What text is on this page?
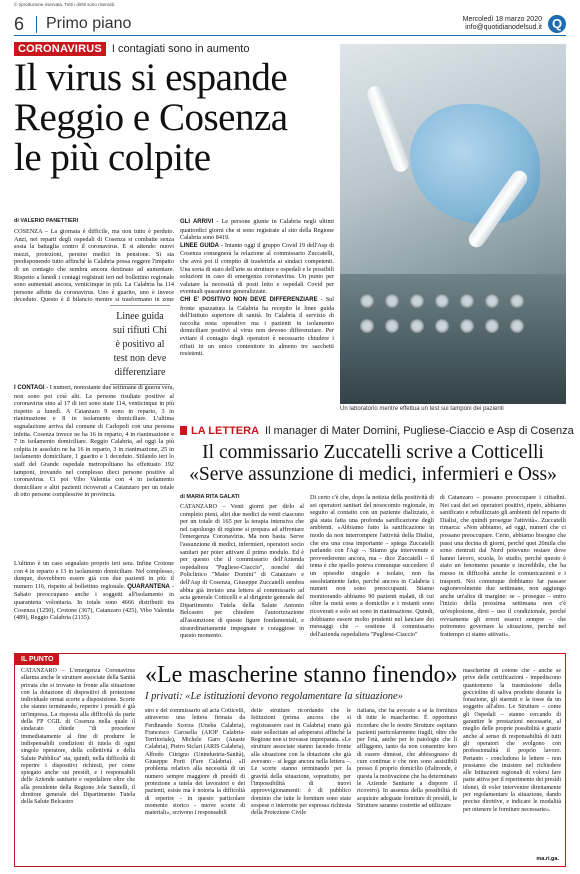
© riproduzione riservata. Tutti i diritti sono riservati.
6 Primo piano	Mercoledì 18 marzo 2020
info@quotidianodelsud.it Q
CORONAVIRUS I contagiati sono in aumento
Il virus si espande
Reggio e Cosenza
le più colpite
Un laboratorio mentre effettua un test sui tamponi dei pazienti
di VALERIO PANETTIERI
COSENZA – La giornata è difficile, ma non tutto è perduto. Anzi, nei reparti degli ospedali di Cosenza si combatte senza sosta la battaglia contro il coronavirus. E si attende: nuovi mezzi, protezioni, persino medici in pensione. Si sta predisponendo tutto affinché la Calabria possa reggere l'impatto di un contagio che sembra ancora destinato ad aumentare. Rispetto a lunedì i contagi registrati ieri nel bollettino regionale sono aumentati ancora, venticinque in più. La Calabria ha 114 persone affette da coronavirus. Uno è guarito, uno è invece deceduto. Questo è il bilancio mentre si trasformano in zone
Linee guida sui rifiuti Chi è positivo al test non deve differenziare
I CONTAGI - I numeri, nonostante due settimane di guerra vera, non sono poi così alti. Le persone risultate positive al coronavirus sino al 17 di ieri sono state 114, venticinque in più rispetto a lunedì. A Catanzaro 9 sono in reparto, 3 in rianimazione e 8 in isolamento domiciliare. L'ultima segnalazione arriva dal comune di Carlopoli con una persona infetta. Cosenza invece ne ha 16 in reparto, 4 in rianimazione e 7 in isolamento domiciliare. Reggio Calabria, ad oggi la più colpita in assoluto ne ha 16 in reparto, 3 in rianimazione, 25 in isolamento domiciliare, 1 guarito e 1 deceduto. Stilando ieri lo staff del Grande ospedale metropolitano ha effettuato 192 tamponi, trovando nel complesso dieci persone positive al coronavirus. Ci poi Vibo Valentia con 4 in isolamento domiciliare e altri pazienti ricoverati a Catanzaro per un totale di otto persone complessive in provincia.
L'ultimo è un caso segnalato proprio ieri sera. Infine Crotone con 4 in reparto e 13 in isolamento domiciliare. Nel complesso, dunque, dovrebbero essere già con due pazienti in più: il numero 116, rispetto al bollettino regionale. QUARANTENA - Sabato preoccupano anche i soggetti all'isolamento in quarantena volontaria. In totale sono 4666 distribuiti tra Cosenza (1250), Crotone (367), Catanzaro (425), Vibo Valentia (489), Reggio Calabria (2135).
GLI ARRIVI - Le persone giunte in Calabria negli ultimi quattordici giorni che si sono registrate al sito della Regione Calabria sono 8419.
LINEE GUIDA - Intanto oggi il gruppo Covid 19 dell'Asp di Cosenza consegnerà la relazione al commissario Zuccatelli, che avrà poi il compito di trasferirla ai sindaci competenti. Una sorta di stato dell'arte su strutture e ospedali e le possibili soluzioni in caso di emergenza coronavirus. Un punto per valutare la necessità di posti letto e ospedali Covid per eventuali quarantene generalizzate.
CHI E' POSITIVO NON DEVE DIFFERENZIARE - Sul fronte spazzatura la Calabria ha recepito le linee guida dell'Istituto superiore di sanità. In Calabria il servizio di raccolta resta operativo ma i pazienti in isolamento domiciliare positivi al virus non devono differenziare. Per evitare il contagio degli operatori è necessario chiudere i rifiuti in un unico contenitore in almeno tre sacchetti resistenti.
LA LETTERA Il manager di Mater Domini, Pugliese-Ciaccio e Asp di Cosenza
Il commissario Zuccatelli scrive a Cotticelli
«Serve assunzione di medici, infermieri e Oss»
di MARIA RITA GALATI
CATANZARO – Venti giorni per dirlo al completo pieni, altri due medici da venti ciascuno per un totale di 165 per la terapia intensiva che nel capoluogo di regione si prepara ad affrontare l'emergenza Coronavirus. Ma non basta. Serve l'assunzione di medici, infermieri, operatori socio sanitari per poter attivare il primo modulo. Ed è per questo che il commissario dell'Azienda ospedaliera "Pugliese-Ciaccio", nonché del Policlinico "Mater Domini" di Catanzaro e dell'Asp di Cosenza, Giuseppe Zuccatelli sembra abbia già inviato una lettera al commissario ad acta generale Cotticelli e al dirigente generale del Dipartimento Tutela della Salute Antonio Belcastro per chiedere l'autorizzazione all'assunzione di queste figure fondamentali, e straordinariamente impegnate e coraggiose in questo momento.
Di certo c'è che, dopo la notizia della positività di sei operatori sanitari del nosocomio regionale, in seguito al contatto con un paziente dializzato, è già stata fatta una profonda sanificazione degli ambienti. «Abbiamo fatto la sanificazione in modo da non interrompere l'attività della Dialisi, che era una cosa importante – spiega Zuccatelli parlando con l'Agi –. Stiamo gia intervenute e provvederemo ancora, ma – dice Zuccatelli – il tema è che quello poteva comunque succedere: il un episodio singolo e isolato, non ha assolutamente fatto, perché ancora in Calabria i numeri non sono preoccupanti. Stiamo monitorando abbiamo 90 pazienti malati, di cui oltre la metà sono a domicilio e i restanti sono ricoverati e solo sei sono in rianimazione. Quindi, dobbiamo essere molto prudenti nel lanciare dei messaggi che – sostiene il commissario dell'azienda ospedaliera "Pugliese-Ciaccio"
di Catanzaro – possano preoccupare i cittadini. Nei casi dei sei operatori positivi, ripeto, abbiamo sanificato e rebuilizzato gli ambienti del reparto di Dialisi, che quindi prosegue l'attività». Zuccatelli rimarca: «Non abbiamo, ad oggi, numeri che ci possano preoccupare. Certo, abbiamo bisogno che passi una decina di giorni, perché quei 20mila che sono rientrati dal Nord potevano restare dove hanno lavoro, scuola, lo studio, perché questo è stato un fenomeno pesante e incredibile, che ha messo in difficoltà anche le comunicazioni e i trasporti. Noi comunque dobbiamo far passare ragionevolmente due settimane, non aggiungo anche un'altra di margine: se – prosegue – entro l'inizio della prossima settimana non c'è un'esplosione, direi – uso il condizionale, perché ovviamente gli errori esserci sempre – che potremmo governare la situazione, perché nel frattempo ci siamo attivati».
IL PUNTO
«Le mascherine stanno finendo»
I privati: «Le istituzioni devono regolamentare la situazione»
CATANZARO – L'emergenza Coronavirus allarma anche le strutture associate della Sanità privata che si trovano in fronte alla situazione con la dotazione di dispositivi di protezione individuale ormai scorte a disposizione. Scorte che stanno terminando, reperire i presìdi è già un'impresa. La risposta alla difficoltà da parte della FP CGIL di Cosenza nella quale il sindacato chiede "di procedere immediatamente al fine di produrre le indispensabili condizioni di tutela di ogni singolo operatore, della collettività e della Salute Pubblica" sta, quindi, nella difficoltà di reperire i dispositivi richiesti, per come spiegato anche sui presìdi, e i responsabili delle Aziende sanitarie e ospedaliere oltre che alla presidente della Regione Jole Santelli, il direttore generale del Dipartimento Tutela della Salute Belcastro
stro e del commissario ad acta Cotticelli, attraverso una lettera firmata da Ferdinando Scorza (Uneba Calabria), Francesco Carosella (AIOP Calabria-Territoriale), Michele Garo (Anaste Calabria), Pietro Siclari (ARIS Calabria), Alfredo Citrigno (Unindustria-Sanità), Giuseppe Porti (Fare Calabria). «Il problema relativo alla necessità di un numero sempre maggiore di presìdi di protezione a tutela dei lavoratori e dei pazienti, esiste ma è notoria la difficoltà di reperire - in questo particolare momento storico - nuove scorte di materiali», scrivono i responsabili
delle strutture ricordando che le Istituzioni (prima ancora che si registrassero casi in Calabria) erano già state sollecitate ad adoperarsi affinché la Regione non si trovasse impreparata. «Le strutture associate stanno facendo fronte alla situazione con la dotazione che già avevano – si legge ancora nella lettera –. Le scorte stanno terminando per la gravità della situazione, soprattutto, per l'impossibilità di nuovi approvvigionamenti: è di pubblico dominio che tutte le forniture sono state sospese o interrotte per espressa richiesta della Protezione Civile
italiana, che ha avocato a sé la fornitura di tutte le mascherine. È opportuno ricordare che le nostre Strutture ospitano pazienti particolarmente fragili, oltre che per l'età, anche per le patologie che li affliggono, tanto da non consentire loro di essere dimessi, che abbisognano di cure continue e che non sono assistibili presso il proprio domicilio (d'altronde, è questa la motivazione che ha determinato le Aziende Sanitarie a disporre il ricovero). In assenza della possibilità di acquisire adeguate forniture di presìdi, le Strutture saranno costrette ad utilizzare
mascherine di cotone che - anche se prive delle certificazioni - impediscono quantomeno la trasmissione della goccioline di saliva prodotte durante la fonazione, gli starnuti e la tosse da un soggetto all'altro. Le Strutture – come gli Ospedali – stanno cercando di garantire le prestazioni necessarie, al meglio delle proprie possibilità e grazie anche al senso di responsabilità di tutti gli operatori che svolgono con professionalità il proprio lavoro. Pertanto - concludono le lettere - non possiamo che insistere nel richiedere alle Istituzioni regionali di volersi fare parte attiva per il reperimento dei presìdi idonei, di voler intervenire direttamente per regolamentare la situazione, dando precise direttive, e indicare le modalità per ottenere le forniture necessarie».
ma.ri.ga.
